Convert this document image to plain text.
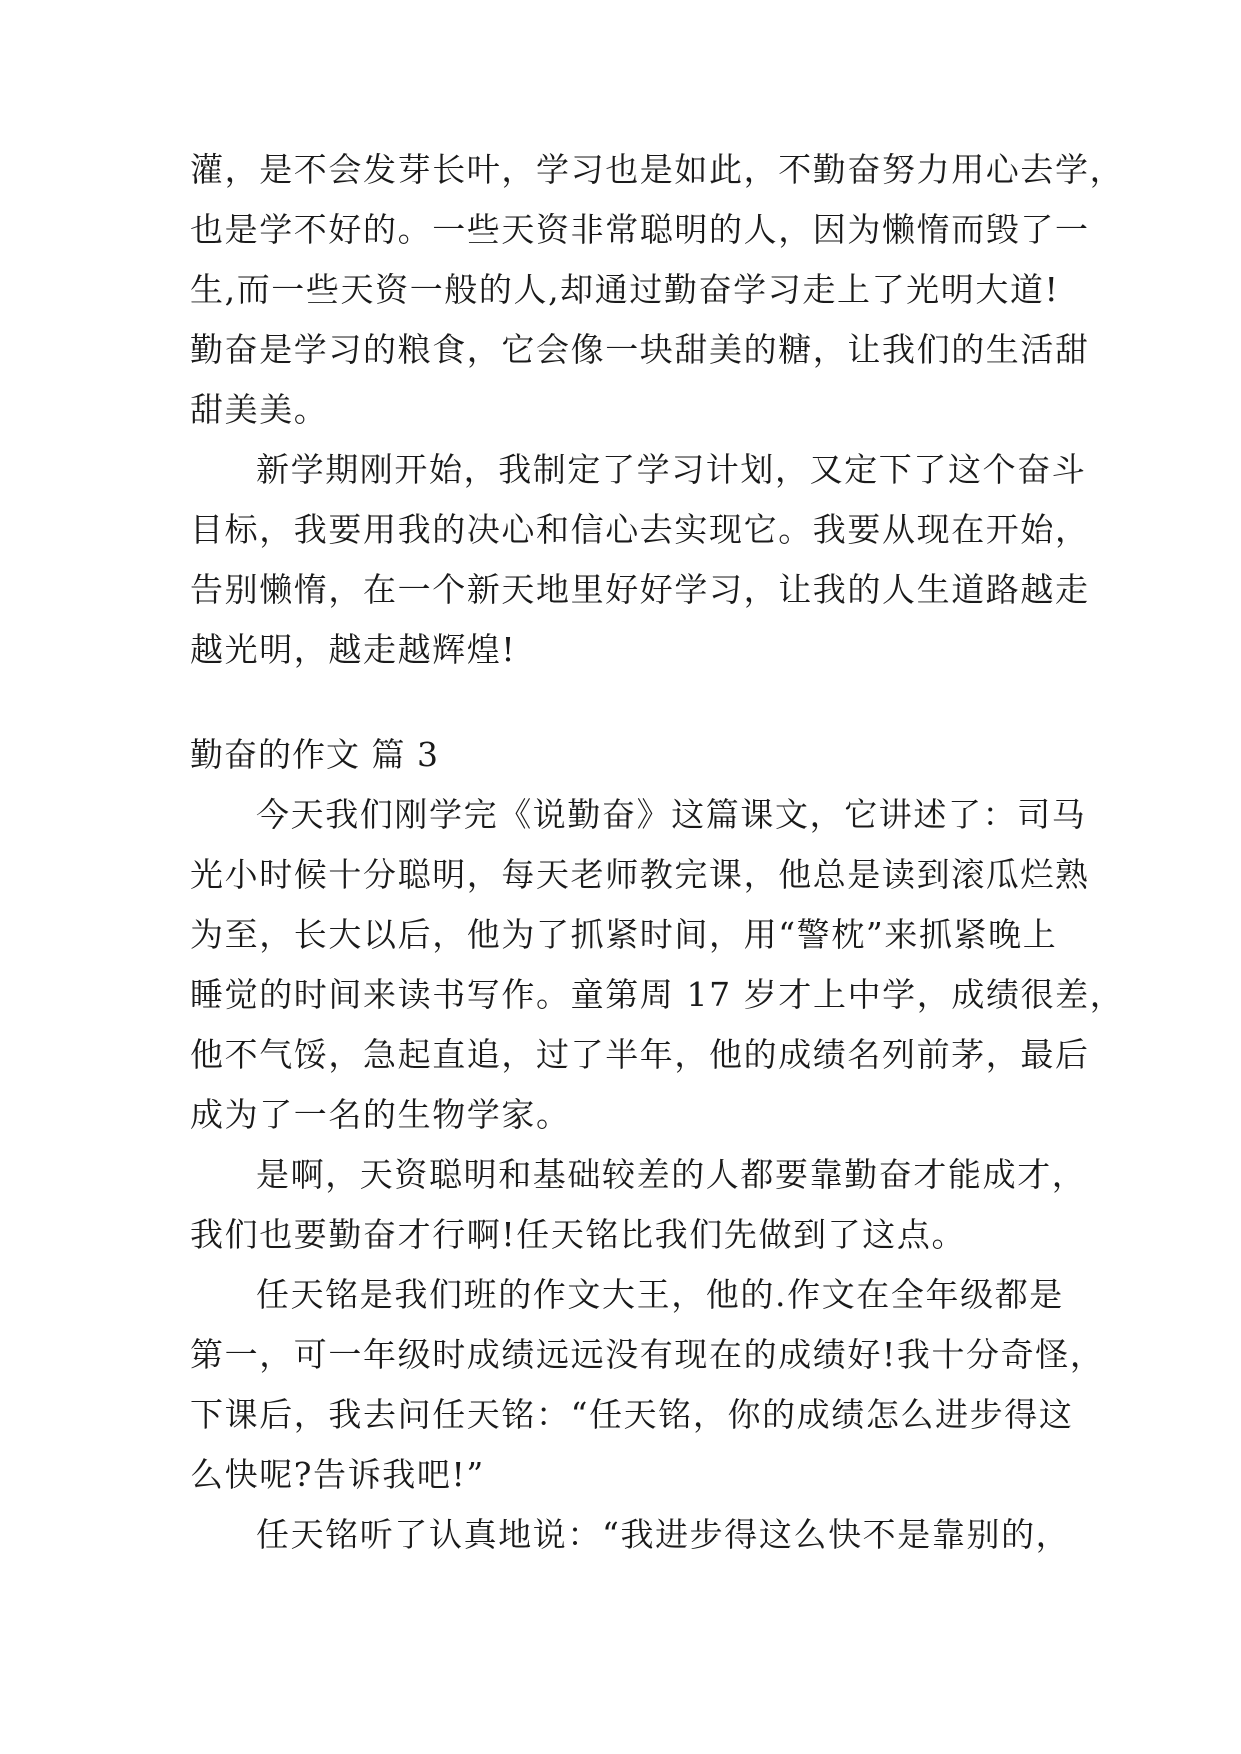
灌，是不会发芽长叶，学习也是如此，不勤奋努力用心去学，
也是学不好的。一些天资非常聪明的人，因为懒惰而毁了一
生,而一些天资一般的人,却通过勤奋学习走上了光明大道!
勤奋是学习的粮食，它会像一块甜美的糖，让我们的生活甜
甜美美。
新学期刚开始，我制定了学习计划，又定下了这个奋斗
目标，我要用我的决心和信心去实现它。我要从现在开始，
告别懒惰，在一个新天地里好好学习，让我的人生道路越走
越光明，越走越辉煌!
勤奋的作文 篇 3
今天我们刚学完《说勤奋》这篇课文，它讲述了：司马
光小时候十分聪明，每天老师教完课，他总是读到滚瓜烂熟
为至，长大以后，他为了抓紧时间，用“警枕”来抓紧晚上
睡觉的时间来读书写作。童第周 17 岁才上中学，成绩很差，
他不气馁，急起直追，过了半年，他的成绩名列前茅，最后
成为了一名的生物学家。
是啊，天资聪明和基础较差的人都要靠勤奋才能成才，
我们也要勤奋才行啊!任天铭比我们先做到了这点。
任天铭是我们班的作文大王，他的.作文在全年级都是
第一，可一年级时成绩远远没有现在的成绩好!我十分奇怪，
下课后，我去问任天铭：“任天铭，你的成绩怎么进步得这
么快呢?告诉我吧!”
任天铭听了认真地说：“我进步得这么快不是靠别的，
